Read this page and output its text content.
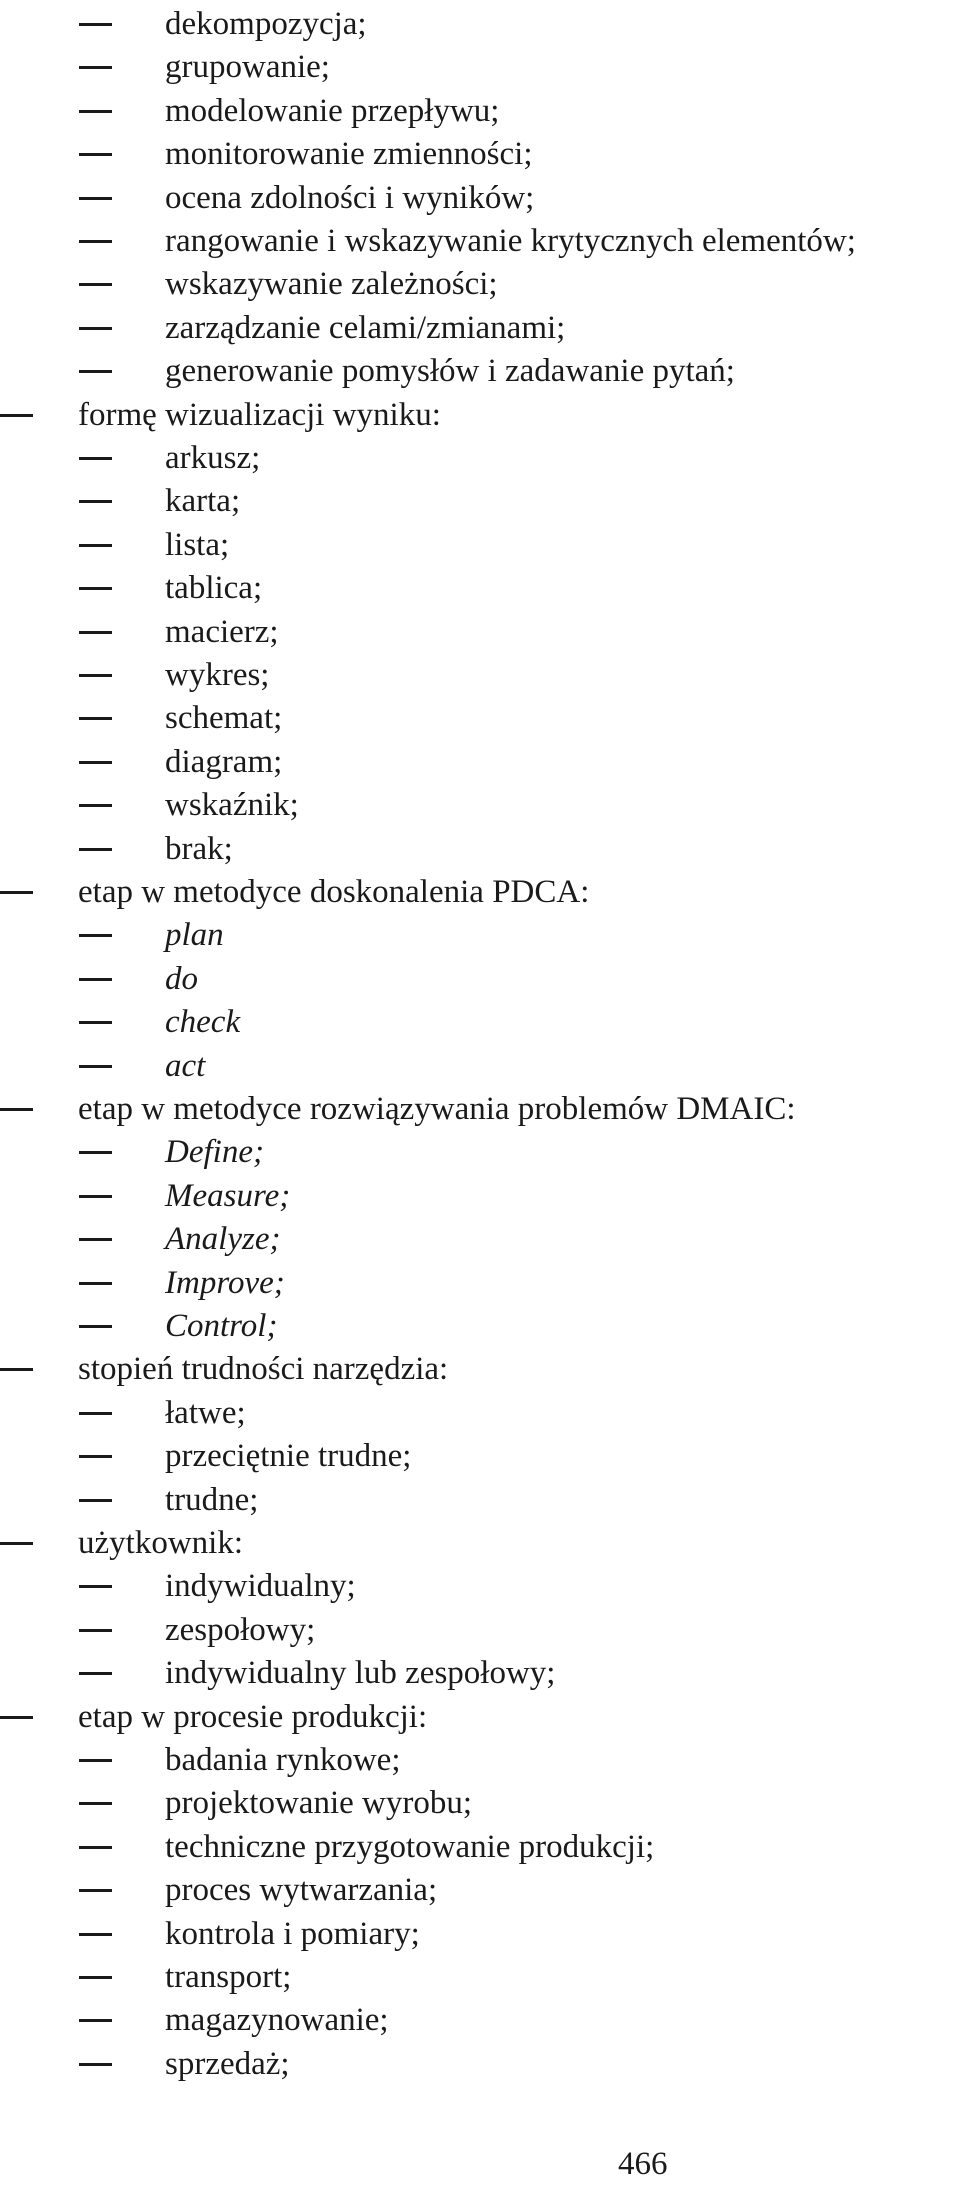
dekompozycja;
grupowanie;
modelowanie przepływu;
monitorowanie zmienności;
ocena zdolności i wyników;
rangowanie i wskazywanie krytycznych elementów;
wskazywanie zależności;
zarządzanie celami/zmianami;
generowanie pomysłów i zadawanie pytań;
formę wizualizacji wyniku:
arkusz;
karta;
lista;
tablica;
macierz;
wykres;
schemat;
diagram;
wskaźnik;
brak;
etap w metodyce doskonalenia PDCA:
plan
do
check
act
etap w metodyce rozwiązywania problemów DMAIC:
Define;
Measure;
Analyze;
Improve;
Control;
stopień trudności narzędzia:
łatwe;
przeciętnie trudne;
trudne;
użytkownik:
indywidualny;
zespołowy;
indywidualny lub zespołowy;
etap w procesie produkcji:
badania rynkowe;
projektowanie wyrobu;
techniczne przygotowanie produkcji;
proces wytwarzania;
kontrola i pomiary;
transport;
magazynowanie;
sprzedaż;
466
